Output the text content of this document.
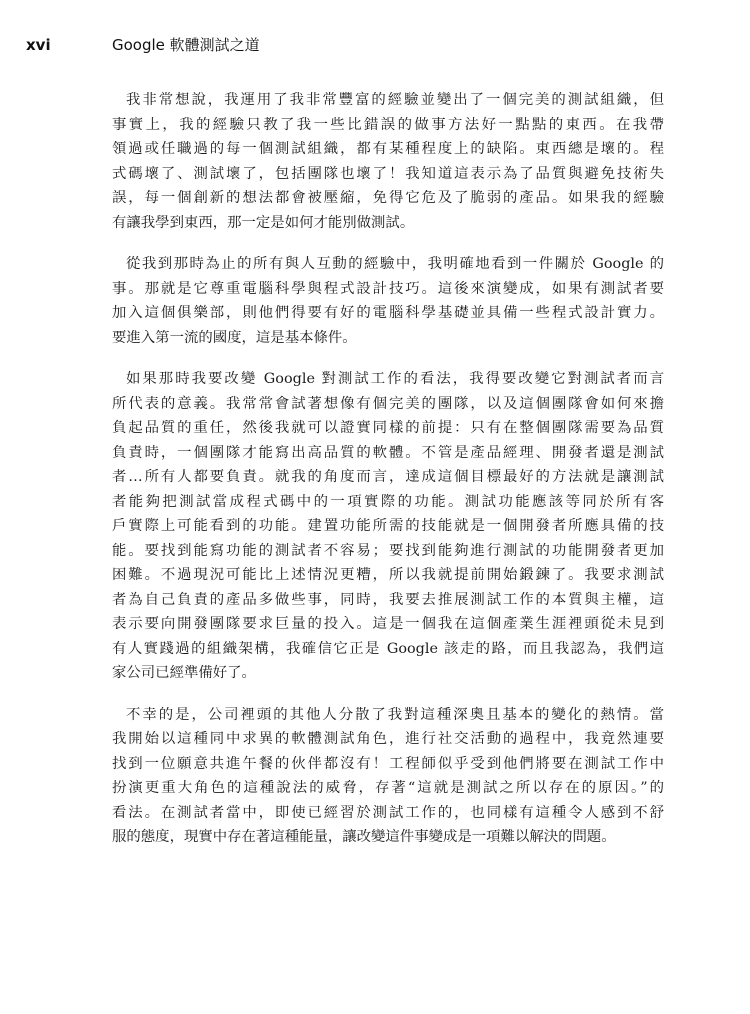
xvi	Google 軟體測試之道
我非常想說，我運用了我非常豐富的經驗並變出了一個完美的測試組織，但
事實上，我的經驗只教了我一些比錯誤的做事方法好一點點的東西。在我帶
領過或任職過的每一個測試組織，都有某種程度上的缺陷。東西總是壞的。程
式碼壞了、測試壞了，包括團隊也壞了！我知道這表示為了品質與避免技術失
誤，每一個創新的想法都會被壓縮，免得它危及了脆弱的產品。如果我的經驗
有讓我學到東西，那一定是如何才能別做測試。
從我到那時為止的所有與人互動的經驗中，我明確地看到一件關於 Google 的
事。那就是它尊重電腦科學與程式設計技巧。這後來演變成，如果有測試者要
加入這個俱樂部，則他們得要有好的電腦科學基礎並具備一些程式設計實力。
要進入第一流的國度，這是基本條件。
如果那時我要改變 Google 對測試工作的看法，我得要改變它對測試者而言
所代表的意義。我常常會試著想像有個完美的團隊，以及這個團隊會如何來擔
負起品質的重任，然後我就可以證實同樣的前提：只有在整個團隊需要為品質
負責時，一個團隊才能寫出高品質的軟體。不管是產品經理、開發者還是測試
者…所有人都要負責。就我的角度而言，達成這個目標最好的方法就是讓測試
者能夠把測試當成程式碼中的一項實際的功能。測試功能應該等同於所有客
戶實際上可能看到的功能。建置功能所需的技能就是一個開發者所應具備的技
能。要找到能寫功能的測試者不容易；要找到能夠進行測試的功能開發者更加
困難。不過現況可能比上述情況更糟，所以我就提前開始鍛鍊了。我要求測試
者為自己負責的產品多做些事，同時，我要去推展測試工作的本質與主權，這
表示要向開發團隊要求巨量的投入。這是一個我在這個產業生涯裡頭從未見到
有人實踐過的組織架構，我確信它正是 Google 該走的路，而且我認為，我們這
家公司已經準備好了。
不幸的是，公司裡頭的其他人分散了我對這種深奧且基本的變化的熱情。當
我開始以這種同中求異的軟體測試角色，進行社交活動的過程中，我竟然連要
找到一位願意共進午餐的伙伴都沒有！工程師似乎受到他們將要在測試工作中
扮演更重大角色的這種說法的威脅，存著“這就是測試之所以存在的原因。”的
看法。在測試者當中，即使已經習於測試工作的，也同樣有這種令人感到不舒
服的態度，現實中存在著這種能量，讓改變這件事變成是一項難以解決的問題。
